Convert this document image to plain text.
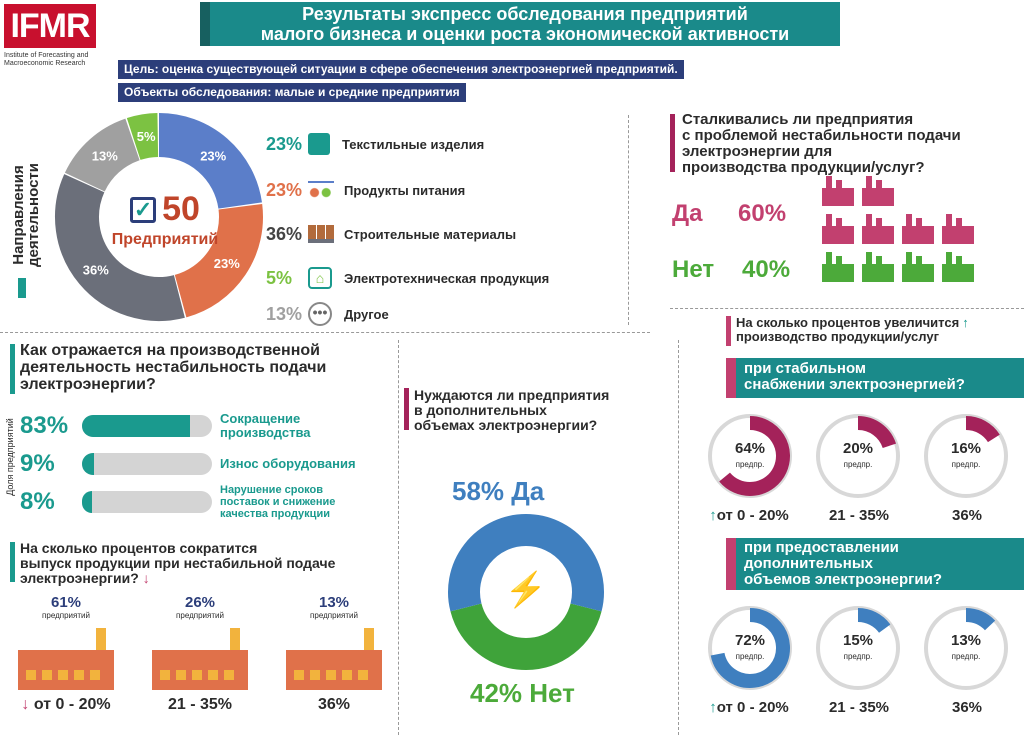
IFMR
Institute of Forecasting and
Macroeconomic Research
Результаты экспресс обследования предприятий
малого бизнеса и оценки роста экономической активности
Цель: оценка существующей ситуации в сфере обеспечения электроэнергией предприятий.
Объекты обследования: малые и средние предприятия
Направления
деятельности
23%
23%
36%
13%
5%
✓ 50
Предприятий
23%	Текстильные изделия
23%	Продукты питания
36%	Строительные материалы
5%	⌂	Электротехническая продукция
13% •••	Другое
Сталкивались ли предприятия
с проблемой нестабильности подачи
электроэнергии для
производства продукции/услуг?
Да 60%
Нет 40%
Как отражается на производственной
деятельность нестабильность подачи
электроэнергии?
Доля предприятий 83%	Сокращение
производства
9%	Износ оборудования
8%	Нарушение сроков
поставок и снижение
качества продукции
На сколько процентов сократится
выпуск продукции при нестабильной подаче
электроэнергии? ↓
61%
предприятий
↓ от 0 - 20%
26%
предприятий
21 - 35%
13%
предприятий
36%
Нуждаются ли предприятия
в дополнительных
объемах электроэнергии?
58% Да
⚡
42% Нет
На сколько процентов увеличится ↑
производство продукции/услуг
при стабильном
снабжении электроэнергией?
64%
предпр.
↑от 0 - 20%
20%
предпр.
21 - 35%
16%
предпр.
36%
при предоставлении
дополнительных
объемов электроэнергии?
72%
предпр.
↑от 0 - 20%
15%
предпр.
21 - 35%
13%
предпр.
36%
